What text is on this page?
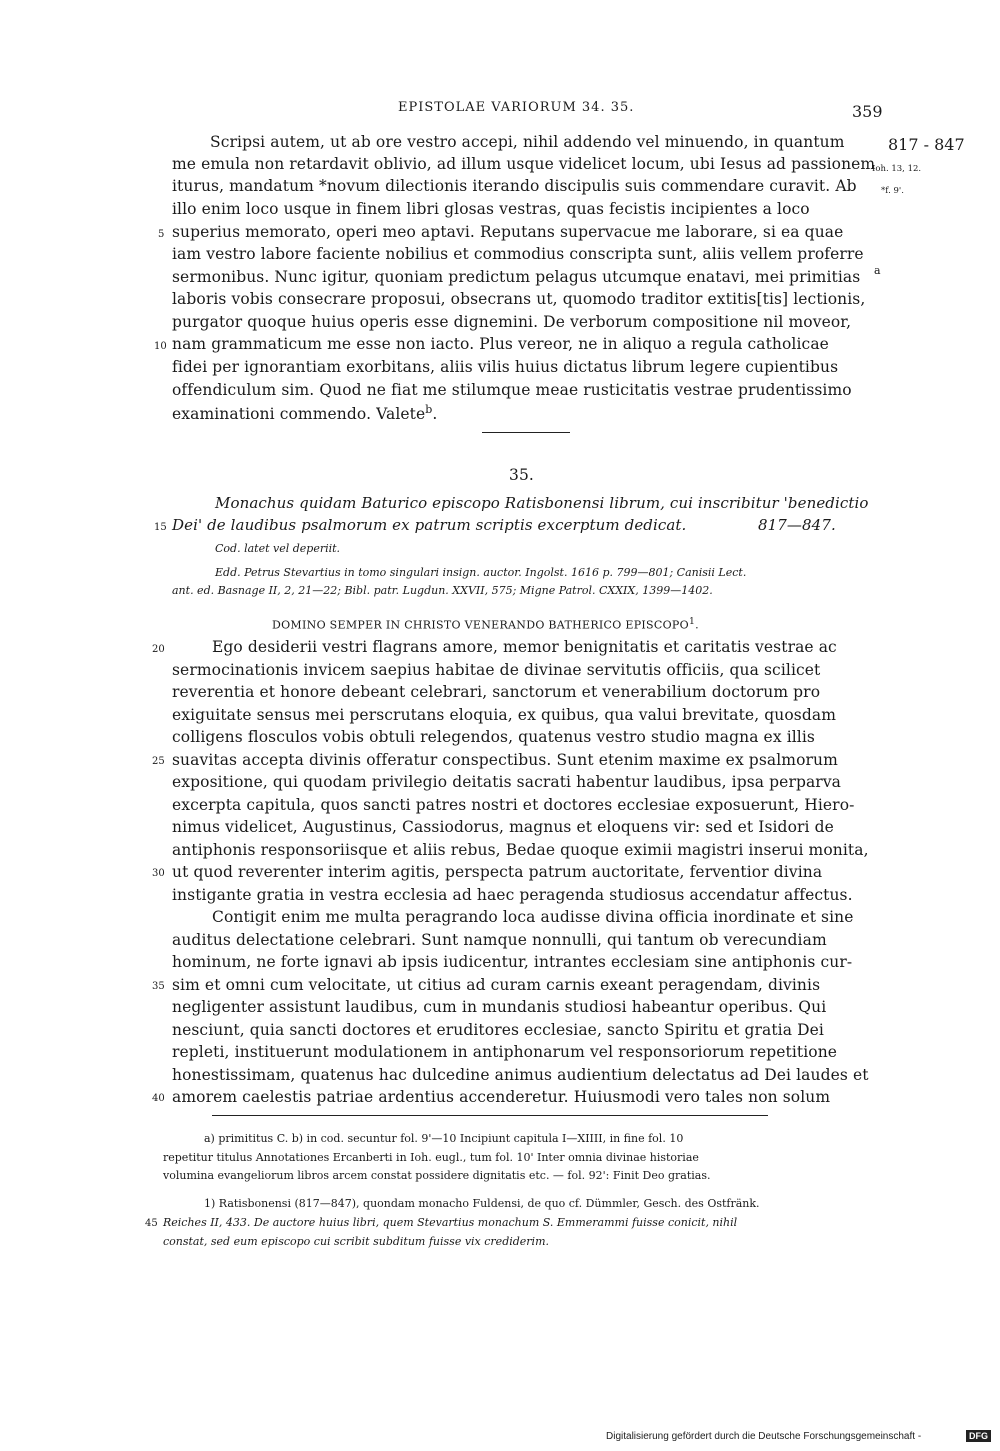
EPISTOLAE VARIORUM 34. 35.	359
Scripsi autem, ut ab ore vestro accepi, nihil addendo vel minuendo, in quantum
me emula non retardavit oblivio, ad illum usque videlicet locum, ubi Iesus ad passionem
iturus, mandatum *novum dilectionis iterando discipulis suis commendare curavit. Ab
illo enim loco usque in finem libri glosas vestras, quas fecistis incipientes a loco
superius memorato, operi meo aptavi. Reputans supervacue me laborare, si ea quae
iam vestro labore faciente nobilius et commodius conscripta sunt, aliis vellem proferre
sermonibus. Nunc igitur, quoniam predictum pelagus utcumque enatavi, mei primitias
laboris vobis consecrare proposui, obsecrans ut, quomodo traditor extitis[tis] lectionis,
purgator quoque huius operis esse dignemini. De verborum compositione nil moveor,
nam grammaticum me esse non iacto. Plus vereor, ne in aliquo a regula catholicae
fidei per ignorantiam exorbitans, aliis vilis huius dictatus librum legere cupientibus
offendiculum sim. Quod ne fiat me stilumque meae rusticitatis vestrae prudentissimo
examinationi commendo. Valete$^b$.
a
5
10
817 - 847
Ioh. 13, 12.
*f. 9'.
35.
Monachus quidam Baturico episcopo Ratisbonensi librum, cui inscribitur 'benedictio
Dei' de laudibus psalmorum ex patrum scriptis excerptum dedicat.	817—847.
Cod. latet vel deperiit.
Edd. Petrus Stevartius in tomo singulari insign. auctor. Ingolst. 1616 p. 799—801; Canisii Lect.
ant. ed. Basnage II, 2, 21—22; Bibl. patr. Lugdun. XXVII, 575; Migne Patrol. CXXIX, 1399—1402.
DOMINO SEMPER IN CHRISTO VENERANDO BATHERICO EPISCOPO$^1$.
15
Ego desiderii vestri flagrans amore, memor benignitatis et caritatis vestrae ac
sermocinationis invicem saepius habitae de divinae servitutis officiis, qua scilicet
reverentia et honore debeant celebrari, sanctorum et venerabilium doctorum pro
exiguitate sensus mei perscrutans eloquia, ex quibus, qua valui brevitate, quosdam
colligens flosculos vobis obtuli relegendos, quatenus vestro studio magna ex illis
suavitas accepta divinis offeratur conspectibus. Sunt etenim maxime ex psalmorum
expositione, qui quodam privilegio deitatis sacrati habentur laudibus, ipsa perparva
excerpta capitula, quos sancti patres nostri et doctores ecclesiae exposuerunt, Hiero-
nimus videlicet, Augustinus, Cassiodorus, magnus et eloquens vir: sed et Isidori de
antiphonis responsoriisque et aliis rebus, Bedae quoque eximii magistri inserui monita,
ut quod reverenter interim agitis, perspecta patrum auctoritate, ferventior divina
instigante gratia in vestra ecclesia ad haec peragenda studiosus accendatur affectus.
Contigit enim me multa peragrando loca audisse divina officia inordinate et sine
auditus delectatione celebrari. Sunt namque nonnulli, qui tantum ob verecundiam
hominum, ne forte ignavi ab ipsis iudicentur, intrantes ecclesiam sine antiphonis cur-
sim et omni cum velocitate, ut citius ad curam carnis exeant peragendam, divinis
negligenter assistunt laudibus, cum in mundanis studiosi habeantur operibus. Qui
nesciunt, quia sancti doctores et eruditores ecclesiae, sancto Spiritu et gratia Dei
repleti, instituerunt modulationem in antiphonarum vel responsoriorum repetitione
honestissimam, quatenus hac dulcedine animus audientium delectatus ad Dei laudes et
amorem caelestis patriae ardentius accenderetur. Huiusmodi vero tales non solum
20
25
30
35
40
a) primititus C. b) in cod. secuntur fol. 9'—10 Incipiunt capitula I—XIIII, in fine fol. 10
repetitur titulus Annotationes Ercanberti in Ioh. eugl., tum fol. 10' Inter omnia divinae historiae
volumina evangeliorum libros arcem constat possidere dignitatis etc. — fol. 92': Finit Deo gratias.
1) Ratisbonensi (817—847), quondam monacho Fuldensi, de quo cf. Dümmler, Gesch. des Ostfränk.
Reiches II, 433. De auctore huius libri, quem Stevartius monachum S. Emmerammi fuisse conicit, nihil
constat, sed eum episcopo cui scribit subditum fuisse vix crediderim.
45
Digitalisierung gefördert durch die Deutsche Forschungsgemeinschaft -	DFG
